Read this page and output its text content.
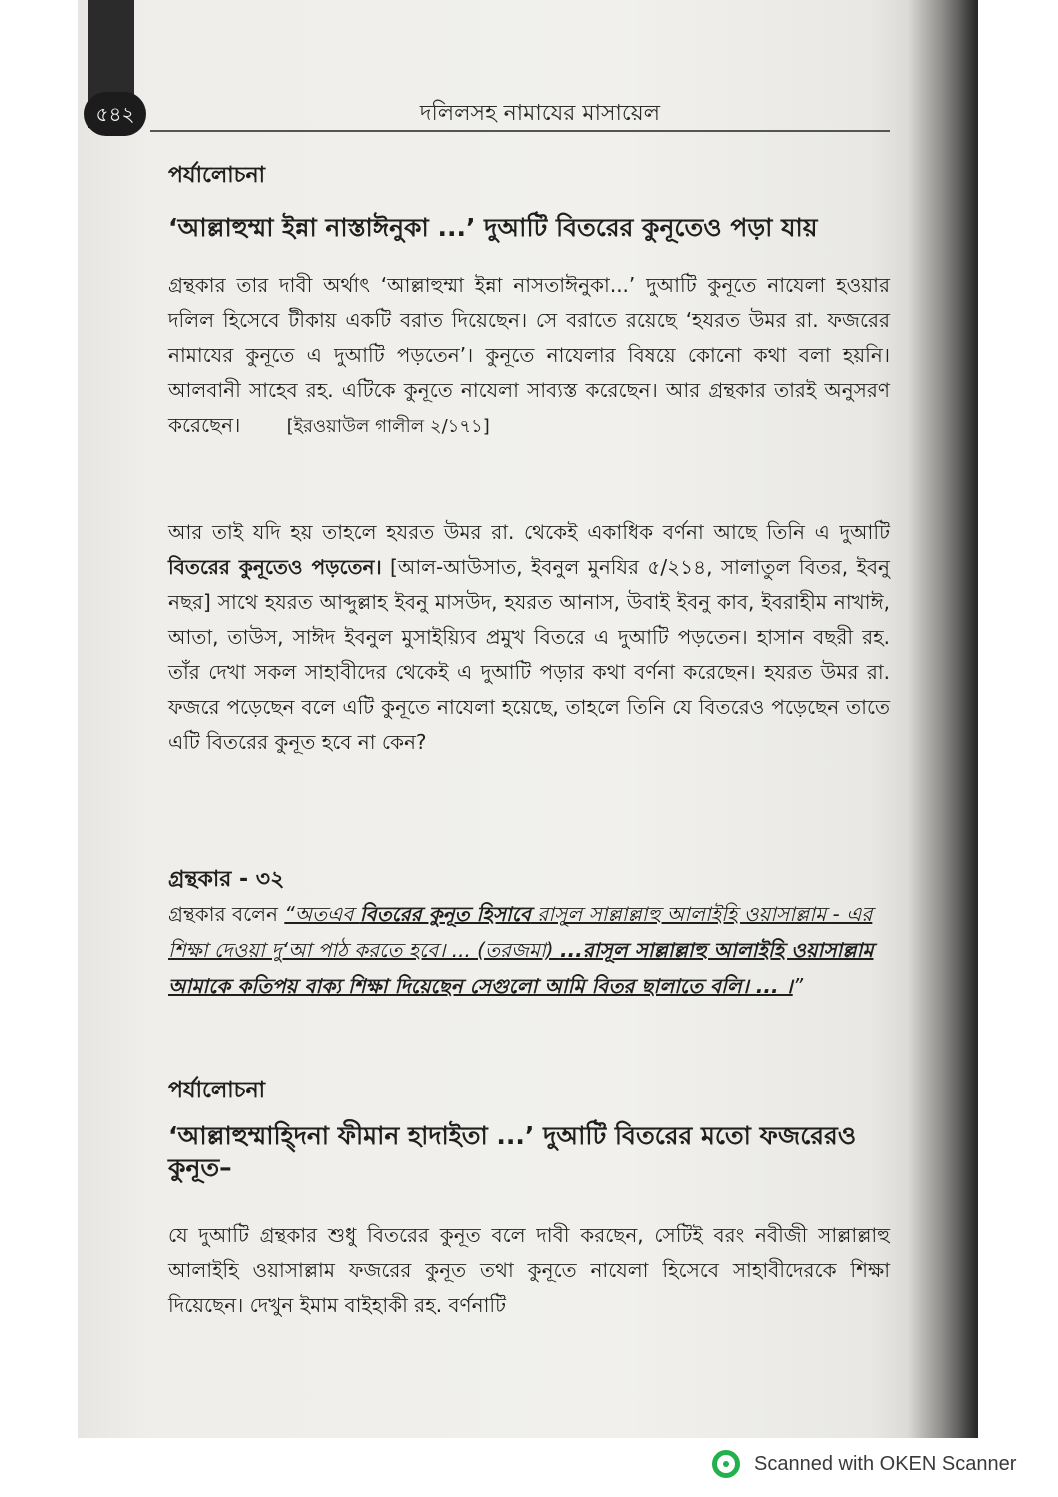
৫৪২	দলিলসহ নামাযের মাসায়েল
পর্যালোচনা
‘আল্লাহুম্মা ইন্না নাস্তাঈনুকা ...’ দুআটি বিতরের কুনূতেও পড়া যায়
গ্রন্থকার তার দাবী অর্থাৎ ‘আল্লাহুম্মা ইন্না নাসতাঈনুকা...’ দুআটি কুনূতে নাযেলা হওয়ার দলিল হিসেবে টীকায় একটি বরাত দিয়েছেন। সে বরাতে রয়েছে ‘হযরত উমর রা. ফজরের নামাযের কুনূতে এ দুআটি পড়তেন’। কুনূতে নাযেলার বিষয়ে কোনো কথা বলা হয়নি। আলবানী সাহেব রহ. এটিকে কুনূতে নাযেলা সাব্যস্ত করেছেন। আর গ্রন্থকার তারই অনুসরণ করেছেন।	[ইরওয়াউল গালীল ২/১৭১]
আর তাই যদি হয় তাহলে হযরত উমর রা. থেকেই একাধিক বর্ণনা আছে তিনি এ দুআটি বিতরের কুনূতেও পড়তেন। [আল-আউসাত, ইবনুল মুনযির ৫/২১৪, সালাতুল বিতর, ইবনু নছর] সাথে হযরত আব্দুল্লাহ ইবনু মাসউদ, হযরত আনাস, উবাই ইবনু কাব, ইবরাহীম নাখাঈ, আতা, তাউস, সাঈদ ইবনুল মুসাইয়্যিব প্রমুখ বিতরে এ দুআটি পড়তেন। হাসান বছরী রহ. তাঁর দেখা সকল সাহাবীদের থেকেই এ দুআটি পড়ার কথা বর্ণনা করেছেন। হযরত উমর রা. ফজরে পড়েছেন বলে এটি কুনূতে নাযেলা হয়েছে, তাহলে তিনি যে বিতরেও পড়েছেন তাতে এটি বিতরের কুনূত হবে না কেন?
গ্রন্থকার - ৩২
গ্রন্থকার বলেন “অতএব বিতরের কুনূত হিসাবে রাসূল সাল্লাল্লাহু আলাইহি ওয়াসাল্লাম - এর শিক্ষা দেওয়া দু‘আ পাঠ করতে হবে। ... (তরজমা) ...রাসূল সাল্লাল্লাহু আলাইহি ওয়াসাল্লাম আমাকে কতিপয় বাক্য শিক্ষা দিয়েছেন সেগুলো আমি বিতর ছালাতে বলি। ... ।”
পর্যালোচনা
‘আল্লাহুম্মাহ্দিনা ফীমান হাদাইতা ...’ দুআটি বিতরের মতো ফজরেরও কুনূত–
যে দুআটি গ্রন্থকার শুধু বিতরের কুনূত বলে দাবী করছেন, সেটিই বরং নবীজী সাল্লাল্লাহু আলাইহি ওয়াসাল্লাম ফজরের কুনূত তথা কুনূতে নাযেলা হিসেবে সাহাবীদেরকে শিক্ষা দিয়েছেন। দেখুন ইমাম বাইহাকী রহ. বর্ণনাটি
Scanned with OKEN Scanner
